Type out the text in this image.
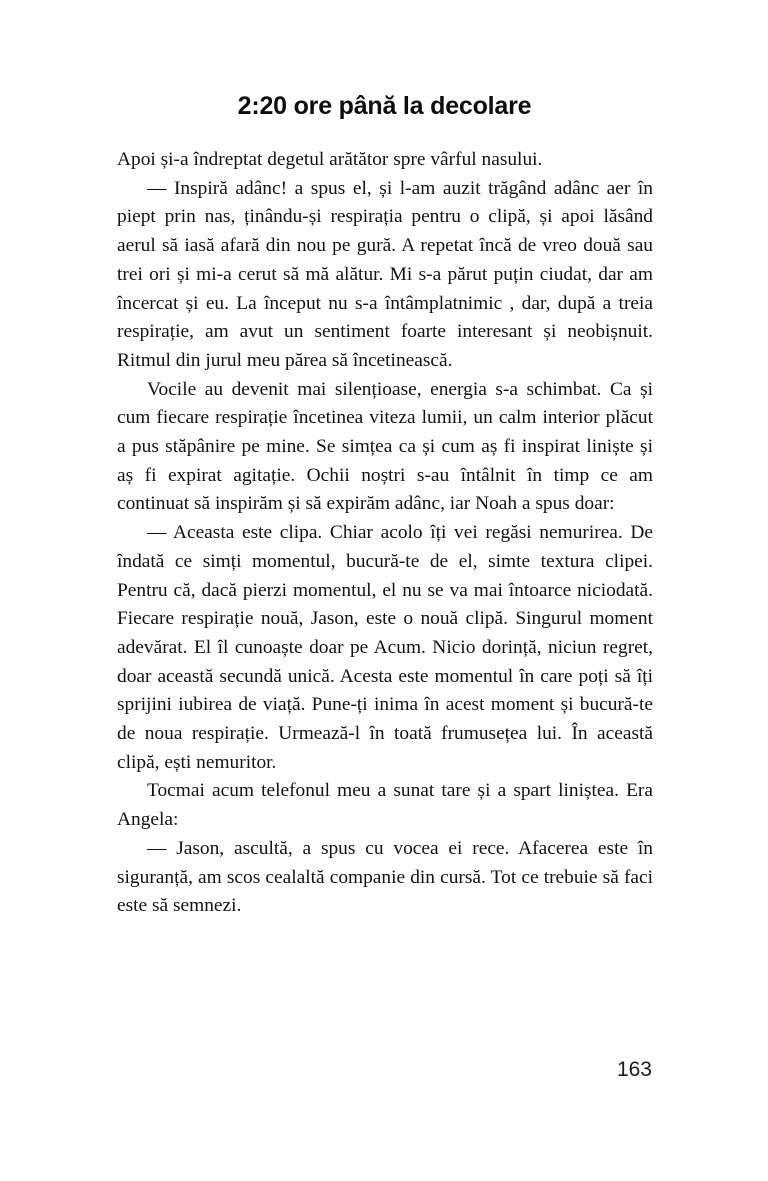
2:20 ore până la decolare

Apoi și-a îndreptat degetul arătător spre vârful nasului.

— Inspiră adânc! a spus el, și l-am auzit trăgând adânc aer în piept prin nas, ținându-și respirația pentru o clipă, și apoi lăsând aerul să iasă afară din nou pe gură. A repetat încă de vreo două sau trei ori și mi-a cerut să mă alătur. Mi s-a părut puțin ciudat, dar am încercat și eu. La început nu s-a întâmplatnimic , dar, după a treia respirație, am avut un sentiment foarte interesant și neobișnuit. Ritmul din jurul meu părea să încetinească.

Vocile au devenit mai silențioase, energia s-a schimbat. Ca și cum fiecare respirație încetinea viteza lumii, un calm interior plăcut a pus stăpânire pe mine. Se simțea ca și cum aș fi inspirat liniște și aș fi expirat agitație. Ochii noștri s-au întâlnit în timp ce am continuat să inspirăm și să expirăm adânc, iar Noah a spus doar:

— Aceasta este clipa. Chiar acolo îți vei regăsi nemurirea. De îndată ce simți momentul, bucură-te de el, simte textura clipei. Pentru că, dacă pierzi momentul, el nu se va mai întoarce niciodată. Fiecare respirație nouă, Jason, este o nouă clipă. Singurul moment adevărat. El îl cunoaște doar pe Acum. Nicio dorință, niciun regret, doar această secundă unică. Acesta este momentul în care poți să îți sprijini iubirea de viață. Pune-ți inima în acest moment și bucură-te de noua respirație. Urmează-l în toată frumusețea lui. În această clipă, ești nemuritor.

Tocmai acum telefonul meu a sunat tare și a spart liniștea. Era Angela:

— Jason, ascultă, a spus cu vocea ei rece. Afacerea este în siguranță, am scos cealaltă companie din cursă. Tot ce trebuie să faci este să semnezi.

163
